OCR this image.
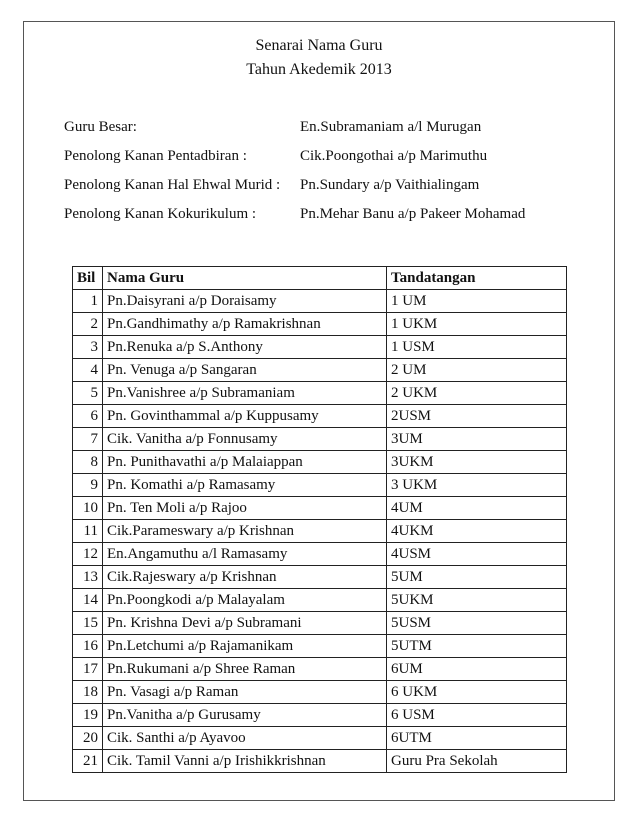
Senarai Nama Guru
Tahun Akedemik 2013
Guru Besar:	En.Subramaniam a/l Murugan
Penolong Kanan Pentadbiran :	Cik.Poongothai a/p Marimuthu
Penolong Kanan Hal Ehwal Murid : Pn.Sundary a/p Vaithialingam
Penolong Kanan Kokurikulum :	Pn.Mehar Banu a/p Pakeer Mohamad
Bil	Nama Guru	Tandatangan
1	Pn.Daisyrani a/p Doraisamy	1 UM
2	Pn.Gandhimathy a/p Ramakrishnan	1 UKM
3	Pn.Renuka a/p S.Anthony	1 USM
4	Pn. Venuga a/p Sangaran	2 UM
5	Pn.Vanishree a/p Subramaniam	2 UKM
6	Pn. Govinthammal a/p Kuppusamy	2USM
7	Cik. Vanitha a/p Fonnusamy	3UM
8	Pn. Punithavathi a/p Malaiappan	3UKM
9	Pn. Komathi a/p Ramasamy	3 UKM
10	Pn. Ten Moli a/p Rajoo	4UM
11	Cik.Parameswary a/p Krishnan	4UKM
12	En.Angamuthu a/l Ramasamy	4USM
13	Cik.Rajeswary a/p Krishnan	5UM
14	Pn.Poongkodi a/p Malayalam	5UKM
15	Pn. Krishna Devi a/p Subramani	5USM
16	Pn.Letchumi a/p Rajamanikam	5UTM
17	Pn.Rukumani a/p Shree Raman	6UM
18	Pn. Vasagi a/p Raman	6 UKM
19	Pn.Vanitha a/p Gurusamy	6 USM
20	Cik. Santhi a/p Ayavoo	6UTM
21	Cik. Tamil Vanni a/p Irishikkrishnan	Guru Pra Sekolah
